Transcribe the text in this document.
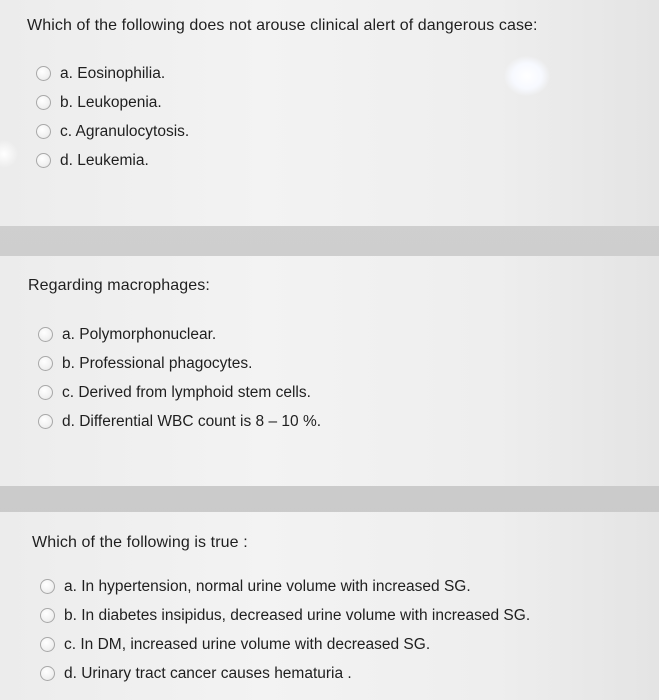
Which of the following does not arouse clinical alert of dangerous case:
a. Eosinophilia.
b. Leukopenia.
c. Agranulocytosis.
d. Leukemia.
Regarding macrophages:
a. Polymorphonuclear.
b. Professional phagocytes.
c. Derived from lymphoid stem cells.
d. Differential WBC count is 8 – 10 %.
Which of the following is true :
a. In hypertension, normal urine volume with increased SG.
b. In diabetes insipidus, decreased urine volume with increased SG.
c. In DM, increased urine volume with decreased SG.
d. Urinary tract cancer causes hematuria .
